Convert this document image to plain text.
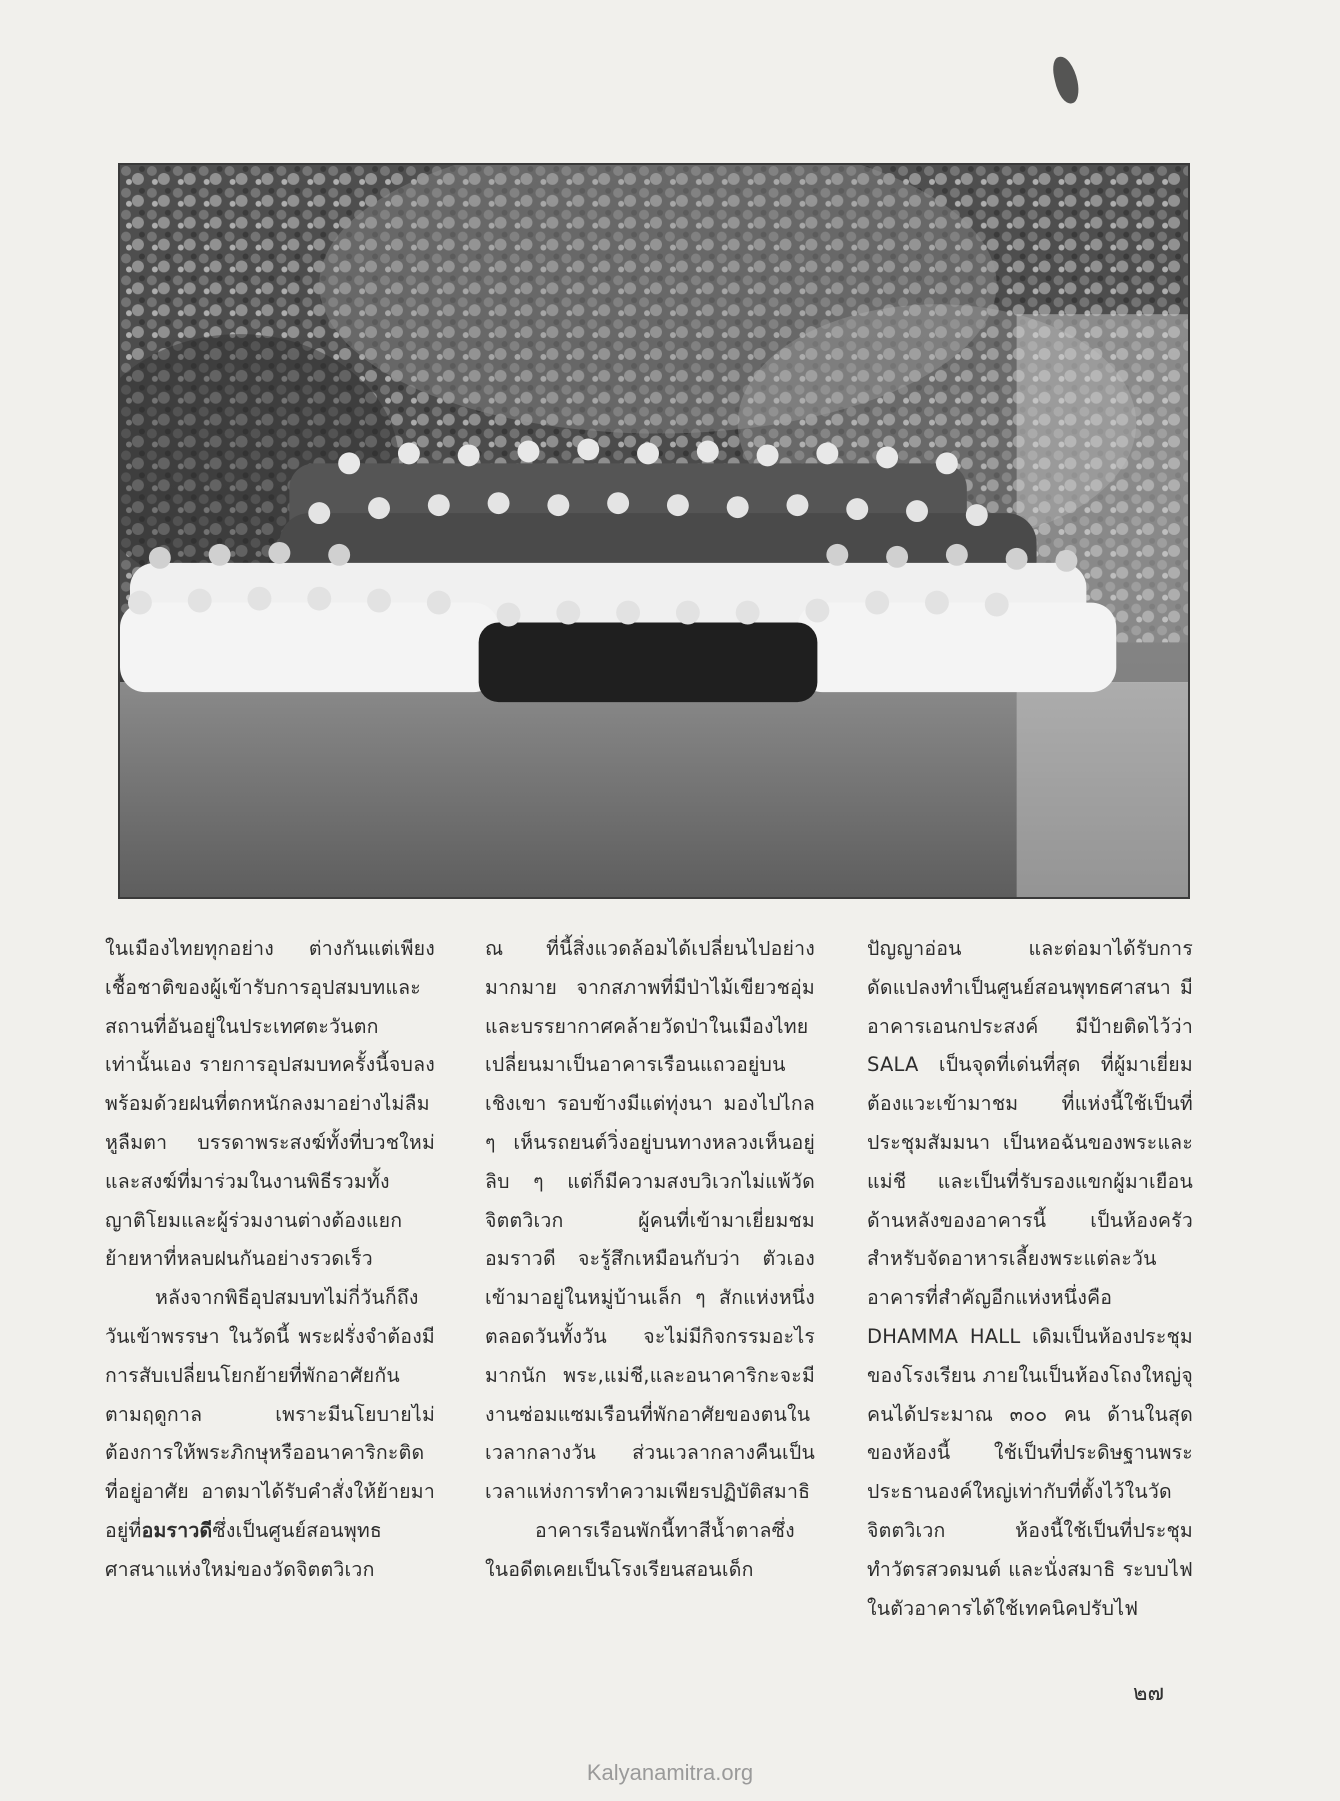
ในเมืองไทยทุกอย่าง ต่างกันแต่เพียงเชื้อชาติของผู้เข้ารับการอุปสมบทและสถานที่อันอยู่ในประเทศตะวันตกเท่านั้นเอง รายการอุปสมบทครั้งนี้จบลงพร้อมด้วยฝนที่ตกหนักลงมาอย่างไม่ลืมหูลืมตา บรรดาพระสงฆ์ทั้งที่บวชใหม่ และสงฆ์ที่มาร่วมในงานพิธีรวมทั้งญาติโยมและผู้ร่วมงานต่างต้องแยกย้ายหาที่หลบฝนกันอย่างรวดเร็ว

หลังจากพิธีอุปสมบทไม่กี่วันก็ถึงวันเข้าพรรษา ในวัดนี้ พระฝรั่งจำต้องมีการสับเปลี่ยนโยกย้ายที่พักอาศัยกันตามฤดูกาล เพราะมีนโยบายไม่ต้องการให้พระภิกษุหรืออนาคาริกะติดที่อยู่อาศัย อาตมาได้รับคำสั่งให้ย้ายมาอยู่ที่อมราวดีซึ่งเป็นศูนย์สอนพุทธศาสนาแห่งใหม่ของวัดจิตตวิเวก

ณ ที่นี้สิ่งแวดล้อมได้เปลี่ยนไปอย่างมากมาย จากสภาพที่มีป่าไม้เขียวชอุ่มและบรรยากาศคล้ายวัดป่าในเมืองไทยเปลี่ยนมาเป็นอาคารเรือนแถวอยู่บนเชิงเขา รอบข้างมีแต่ทุ่งนา มองไปไกล ๆ เห็นรถยนต์วิ่งอยู่บนทางหลวงเห็นอยู่ลิบ ๆ แต่ก็มีความสงบวิเวกไม่แพ้วัดจิตตวิเวก ผู้คนที่เข้ามาเยี่ยมชมอมราวดี จะรู้สึกเหมือนกับว่า ตัวเองเข้ามาอยู่ในหมู่บ้านเล็ก ๆ สักแห่งหนึ่ง ตลอดวันทั้งวัน จะไม่มีกิจกรรมอะไรมากนัก พระ,แม่ชี,และอนาคาริกะจะมีงานซ่อมแซมเรือนที่พักอาศัยของตนในเวลากลางวัน ส่วนเวลากลางคืนเป็นเวลาแห่งการทำความเพียรปฏิบัติสมาธิ

อาคารเรือนพักนี้ทาสีน้ำตาลซึ่งในอดีตเคยเป็นโรงเรียนสอนเด็ก

ปัญญาอ่อน และต่อมาได้รับการดัดแปลงทำเป็นศูนย์สอนพุทธศาสนา มีอาคารเอนกประสงค์ มีป้ายติดไว้ว่า SALA เป็นจุดที่เด่นที่สุด ที่ผู้มาเยี่ยมต้องแวะเข้ามาชม ที่แห่งนี้ใช้เป็นที่ประชุมสัมมนา เป็นหอฉันของพระและแม่ชี และเป็นที่รับรองแขกผู้มาเยือน ด้านหลังของอาคารนี้ เป็นห้องครัวสำหรับจัดอาหารเลี้ยงพระแต่ละวัน อาคารที่สำคัญอีกแห่งหนึ่งคือ DHAMMA HALL เดิมเป็นห้องประชุมของโรงเรียน ภายในเป็นห้องโถงใหญ่จุคนได้ประมาณ ๓๐๐ คน ด้านในสุดของห้องนี้ ใช้เป็นที่ประดิษฐานพระประธานองค์ใหญ่เท่ากับที่ตั้งไว้ในวัดจิตตวิเวก ห้องนี้ใช้เป็นที่ประชุม ทำวัตรสวดมนต์ และนั่งสมาธิ ระบบไฟในตัวอาคารได้ใช้เทคนิคปรับไฟ

๒๗
Kalyanamitra.org
